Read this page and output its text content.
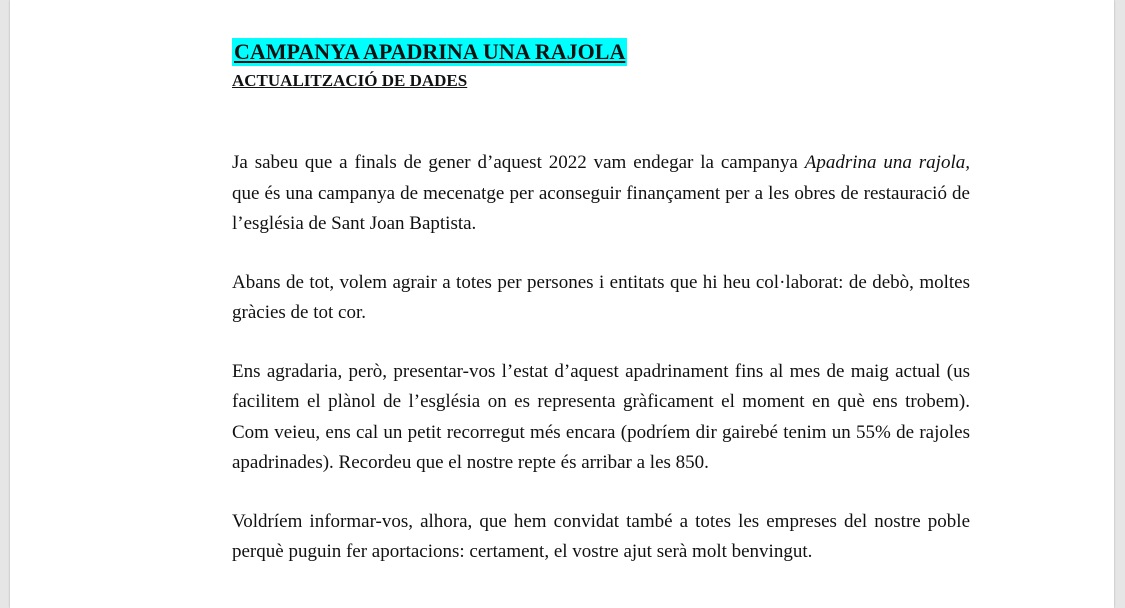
CAMPANYA APADRINA UNA RAJOLA
ACTUALITZACIÓ DE DADES

Ja sabeu que a finals de gener d’aquest 2022 vam endegar la campanya Apadrina una rajola, que és una campanya de mecenatge per aconseguir finançament per a les obres de restauració de l’església de Sant Joan Baptista.

Abans de tot, volem agrair a totes per persones i entitats que hi heu col·laborat: de debò, moltes gràcies de tot cor.

Ens agradaria, però, presentar-vos l’estat d’aquest apadrinament fins al mes de maig actual (us facilitem el plànol de l’església on es representa gràficament el moment en què ens trobem). Com veieu, ens cal un petit recorregut més encara (podríem dir gairebé tenim un 55% de rajoles apadrinades). Recordeu que el nostre repte és arribar a les 850.

Voldríem informar-vos, alhora, que hem convidat també a totes les empreses del nostre poble perquè puguin fer aportacions: certament, el vostre ajut serà molt benvingut.
